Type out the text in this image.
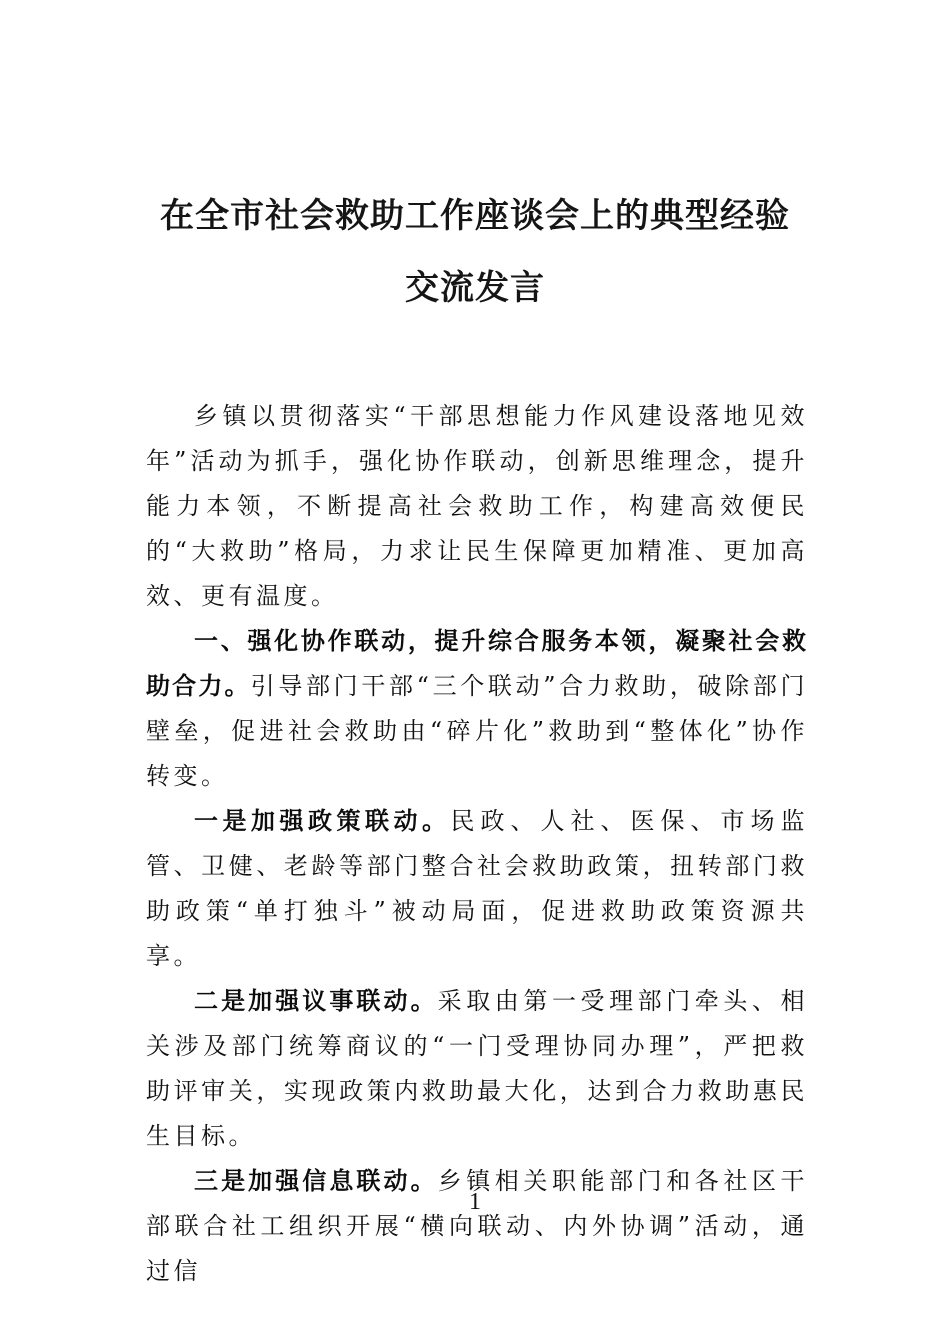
在全市社会救助工作座谈会上的典型经验
交流发言

乡镇以贯彻落实“干部思想能力作风建设落地见效年”活动为抓手，强化协作联动，创新思维理念，提升能力本领，不断提高社会救助工作，构建高效便民的“大救助”格局，力求让民生保障更加精准、更加高效、更有温度。

一、强化协作联动，提升综合服务本领，凝聚社会救助合力。引导部门干部“三个联动”合力救助，破除部门壁垒，促进社会救助由“碎片化”救助到“整体化”协作转变。

一是加强政策联动。民政、人社、医保、市场监管、卫健、老龄等部门整合社会救助政策，扭转部门救助政策“单打独斗”被动局面，促进救助政策资源共享。

二是加强议事联动。采取由第一受理部门牵头、相关涉及部门统筹商议的“一门受理协同办理”，严把救助评审关，实现政策内救助最大化，达到合力救助惠民生目标。

三是加强信息联动。乡镇相关职能部门和各社区干部联合社工组织开展“横向联动、内外协调”活动，通过信

1
